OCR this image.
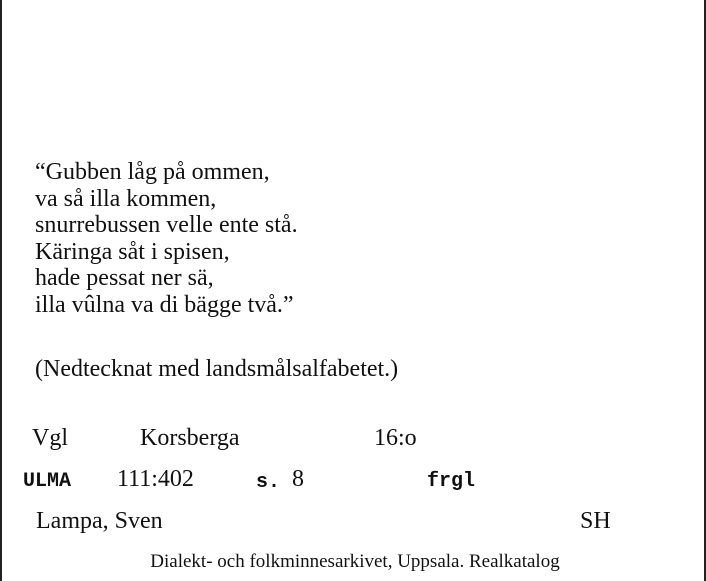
“Gubben låg på ommen,
va så illa kommen,
snurrebussen velle ente stå.
Käringa såt i spisen,
hade pessat ner sä,
illa vûlna va di bägge två.”
(Nedtecknat med landsmålsalfabetet.)
Vgl	Korsberga	16:o
ULMA 111:402	s. 8	frgl
Lampa, Sven	SH
Dialekt- och folkminnesarkivet, Uppsala. Realkatalog
